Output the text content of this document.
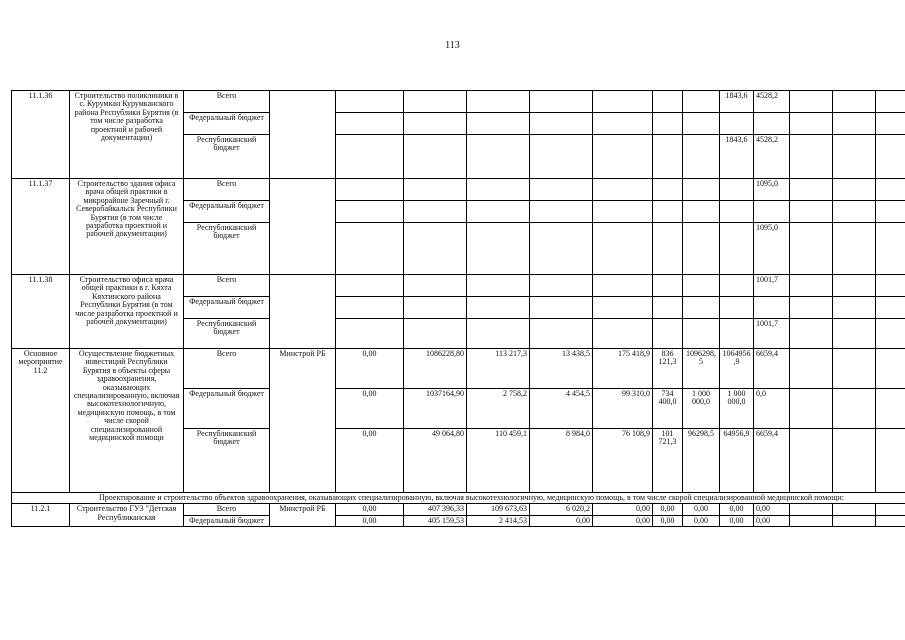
113
11.1.36	Строительство поликлиники в с. Курумкан Курумканского района Республики Бурятия (в том числе разработка проектной и рабочей документации)	Всего									1843,6	4528,2			
		Федеральный бюджет													
		Республиканский бюджет									1843,6	4528,2			
11.1.37	Строительство здания офиса врача общей практики в микрорайоне Заречный г. Северобайкальск Республики Бурятия (в том числе разработка проектной и рабочей документации)	Всего										1095,0			
		Федеральный бюджет													
		Республиканский бюджет										1095,0			
11.1.38	Строительство офиса врача общей практики в г. Кяхта Кяхтинского района Республики Бурятия (в том числе разработка проектной и рабочей документации)	Всего										1001,7			
		Федеральный бюджет													
		Республиканский бюджет										1001,7			
Основное мероприятие 11.2	Осуществление бюджетных инвестиций Республики Бурятия в объекты сферы здравоохранения, оказывающих специализированную, включая высокотехнологичную, медицинскую помощь, в том числе скорой специализированной медицинской помощи	Всего	Минстрой РБ	0,00	1086228,80	113 217,3	13 438,5	175 418,9	836 121,3	1096298,5	1064956,9	6659,4			
		Федеральный бюджет		0,00	1037164,90	2 758,2	4 454,5	99 310,0	734 400,0	1 000 000,0	1 000 000,0	0,0			
		Республиканский бюджет		0,00	49 064,80	110 459,1	8 984,0	76 108,9	101 721,3	96298,5	64956,9	6659,4			
Проектирование и строительство объектов здравоохранения, оказывающих специализированную, включая высокотехнологичную, медицинскую помощь, в том числе скорой специализированной медицинской помощи:															
11.2.1	Строительство ГУЗ "Детская Республиканская	Всего	Минстрой РБ	0,00	407 396,33	109 673,63	6 020,2	0,00	0,00	0,00	0,00	0,00			
		Федеральный бюджет		0,00	405 159,53	2 414,53	0,00	0,00	0,00	0,00	0,00	0,00			
